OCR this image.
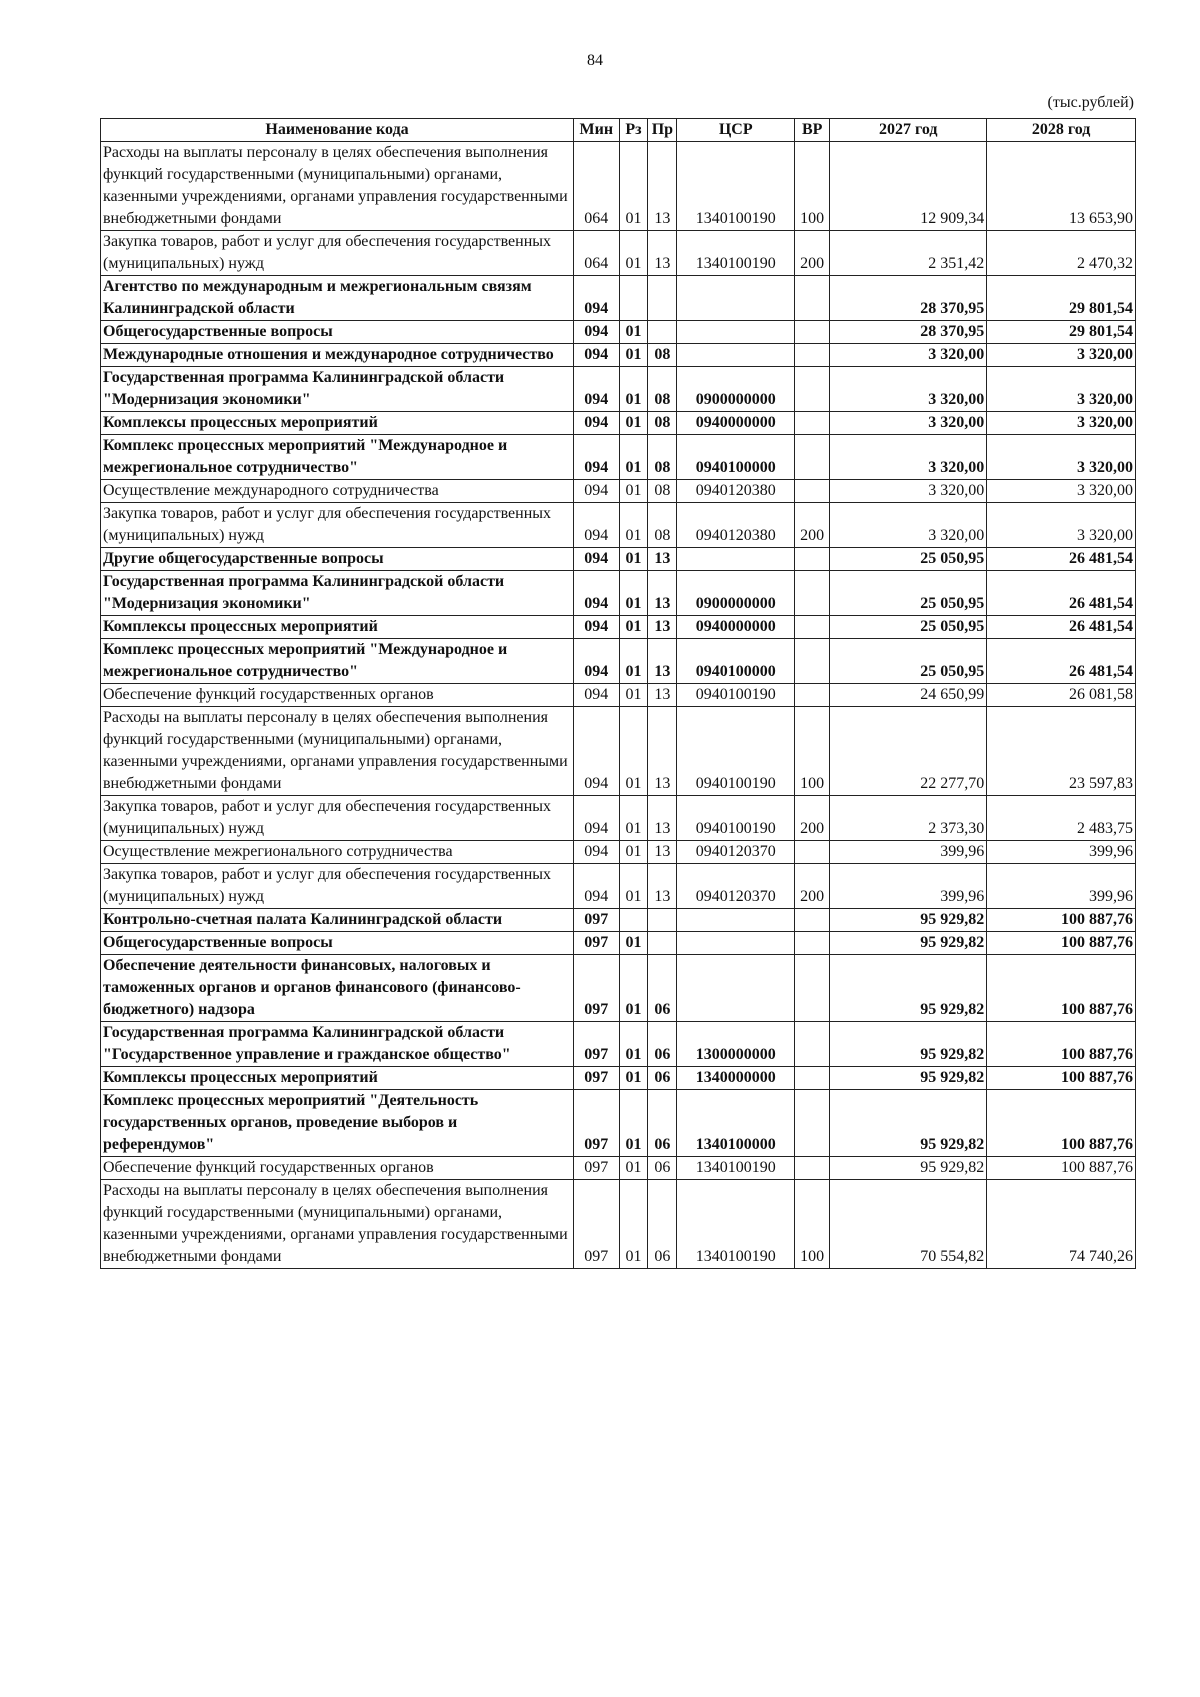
84
(тыс.рублей)
Наименование кода	Мин	Рз	Пр	ЦСР	ВР	2027 год	2028 год
Расходы на выплаты персоналу в целях обеспечения выполнения функций государственными (муниципальными) органами, казенными учреждениями, органами управления государственными внебюджетными фондами	064	01	13	1340100190	100	12 909,34	13 653,90
Закупка товаров, работ и услуг для обеспечения государственных (муниципальных) нужд	064	01	13	1340100190	200	2 351,42	2 470,32
Агентство по международным и межрегиональным связям Калининградской области	094					28 370,95	29 801,54
Общегосударственные вопросы	094	01				28 370,95	29 801,54
Международные отношения и международное сотрудничество	094	01	08			3 320,00	3 320,00
Государственная программа Калининградской области "Модернизация экономики"	094	01	08	0900000000		3 320,00	3 320,00
Комплексы процессных мероприятий	094	01	08	0940000000		3 320,00	3 320,00
Комплекс процессных мероприятий "Международное и межрегиональное сотрудничество"	094	01	08	0940100000		3 320,00	3 320,00
Осуществление международного сотрудничества	094	01	08	0940120380		3 320,00	3 320,00
Закупка товаров, работ и услуг для обеспечения государственных (муниципальных) нужд	094	01	08	0940120380	200	3 320,00	3 320,00
Другие общегосударственные вопросы	094	01	13			25 050,95	26 481,54
Государственная программа Калининградской области "Модернизация экономики"	094	01	13	0900000000		25 050,95	26 481,54
Комплексы процессных мероприятий	094	01	13	0940000000		25 050,95	26 481,54
Комплекс процессных мероприятий "Международное и межрегиональное сотрудничество"	094	01	13	0940100000		25 050,95	26 481,54
Обеспечение функций государственных органов	094	01	13	0940100190		24 650,99	26 081,58
Расходы на выплаты персоналу в целях обеспечения выполнения функций государственными (муниципальными) органами, казенными учреждениями, органами управления государственными внебюджетными фондами	094	01	13	0940100190	100	22 277,70	23 597,83
Закупка товаров, работ и услуг для обеспечения государственных (муниципальных) нужд	094	01	13	0940100190	200	2 373,30	2 483,75
Осуществление межрегионального сотрудничества	094	01	13	0940120370		399,96	399,96
Закупка товаров, работ и услуг для обеспечения государственных (муниципальных) нужд	094	01	13	0940120370	200	399,96	399,96
Контрольно-счетная палата Калининградской области	097					95 929,82	100 887,76
Общегосударственные вопросы	097	01				95 929,82	100 887,76
Обеспечение деятельности финансовых, налоговых и таможенных органов и органов финансового (финансово-бюджетного) надзора	097	01	06			95 929,82	100 887,76
Государственная программа Калининградской области "Государственное управление и гражданское общество"	097	01	06	1300000000		95 929,82	100 887,76
Комплексы процессных мероприятий	097	01	06	1340000000		95 929,82	100 887,76
Комплекс процессных мероприятий "Деятельность государственных органов, проведение выборов и референдумов"	097	01	06	1340100000		95 929,82	100 887,76
Обеспечение функций государственных органов	097	01	06	1340100190		95 929,82	100 887,76
Расходы на выплаты персоналу в целях обеспечения выполнения функций государственными (муниципальными) органами, казенными учреждениями, органами управления государственными внебюджетными фондами	097	01	06	1340100190	100	70 554,82	74 740,26
